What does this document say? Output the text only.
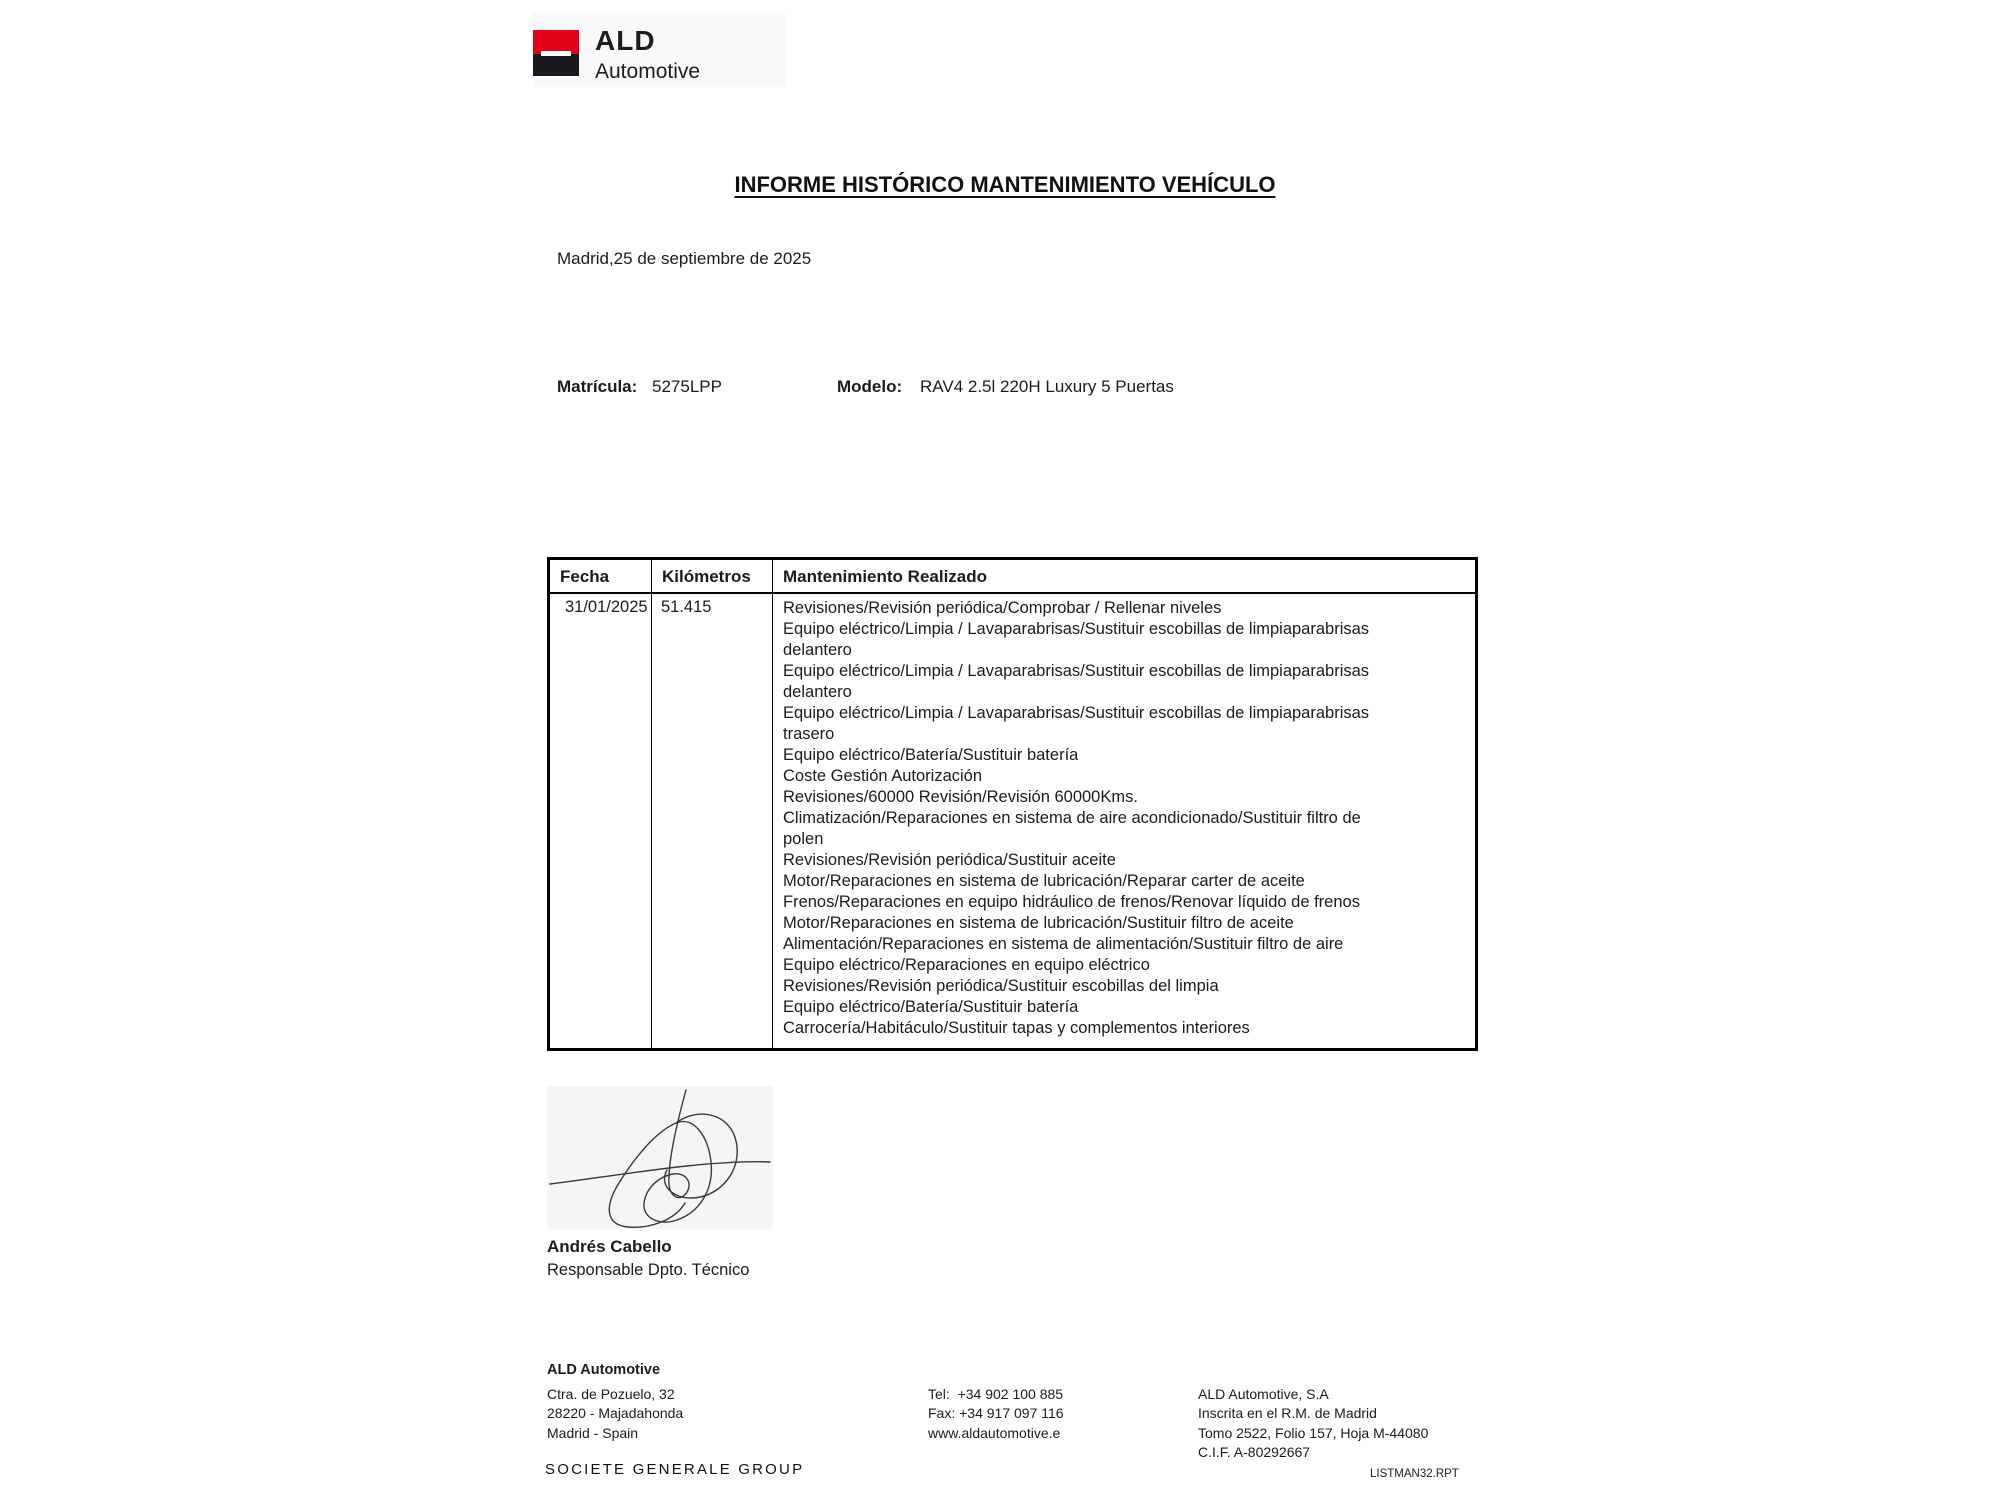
ALD
Automotive
INFORME HISTÓRICO MANTENIMIENTO VEHÍCULO
Madrid,25 de septiembre de 2025
Matrícula: 5275LPP	Modelo: RAV4 2.5l 220H Luxury 5 Puertas
Fecha	Kilómetros	Mantenimiento Realizado
31/01/2025 51.415	Revisiones/Revisión periódica/Comprobar / Rellenar niveles
Equipo eléctrico/Limpia / Lavaparabrisas/Sustituir escobillas de limpiaparabrisas
delantero
Equipo eléctrico/Limpia / Lavaparabrisas/Sustituir escobillas de limpiaparabrisas
delantero
Equipo eléctrico/Limpia / Lavaparabrisas/Sustituir escobillas de limpiaparabrisas
trasero
Equipo eléctrico/Batería/Sustituir batería
Coste Gestión Autorización
Revisiones/60000 Revisión/Revisión 60000Kms.
Climatización/Reparaciones en sistema de aire acondicionado/Sustituir filtro de
polen
Revisiones/Revisión periódica/Sustituir aceite
Motor/Reparaciones en sistema de lubricación/Reparar carter de aceite
Frenos/Reparaciones en equipo hidráulico de frenos/Renovar líquido de frenos
Motor/Reparaciones en sistema de lubricación/Sustituir filtro de aceite
Alimentación/Reparaciones en sistema de alimentación/Sustituir filtro de aire
Equipo eléctrico/Reparaciones en equipo eléctrico
Revisiones/Revisión periódica/Sustituir escobillas del limpia
Equipo eléctrico/Batería/Sustituir batería
Carrocería/Habitáculo/Sustituir tapas y complementos interiores
Andrés Cabello
Responsable Dpto. Técnico
ALD Automotive
Ctra. de Pozuelo, 32
28220 - Majadahonda
Madrid - Spain
Tel:  +34 902 100 885
Fax: +34 917 097 116
www.aldautomotive.e
ALD Automotive, S.A
Inscrita en el R.M. de Madrid
Tomo 2522, Folio 157, Hoja M-44080
C.I.F. A-80292667
SOCIETE GENERALE GROUP	LISTMAN32.RPT
